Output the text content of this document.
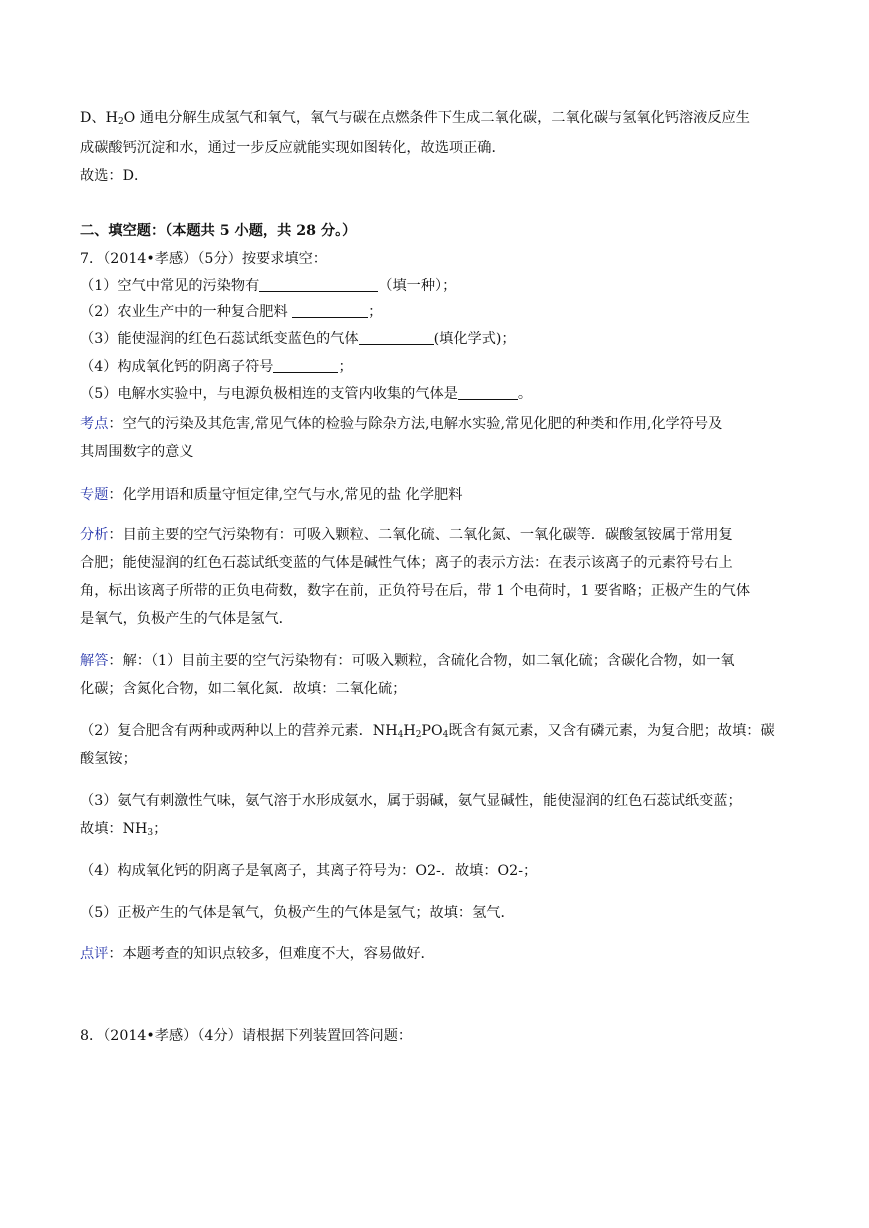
D、$H_2O$ 通电分解生成氢气和氧气，氧气与碳在点燃条件下生成二氧化碳，二氧化碳与氢氧化钙溶液反应生
成碳酸钙沉淀和水，通过一步反应就能实现如图转化，故选项正确．
故选：D．
二、填空题：（本题共 5 小题，共 28 分。）
7．（2014•孝感）（5分）按要求填空：
（1）空气中常见的污染物有	（填一种）；
（2）农业生产中的一种复合肥料	；
（3）能使湿润的红色石蕊试纸变蓝色的气体	(填化学式)；
（4）构成氧化钙的阴离子符号	；
（5）电解水实验中，与电源负极相连的支管内收集的气体是	。
考点：空气的污染及其危害,常见气体的检验与除杂方法,电解水实验,常见化肥的种类和作用,化学符号及
其周围数字的意义
专题：化学用语和质量守恒定律,空气与水,常见的盐 化学肥料
分析：目前主要的空气污染物有：可吸入颗粒、二氧化硫、二氧化氮、一氧化碳等．碳酸氢铵属于常用复
合肥；能使湿润的红色石蕊试纸变蓝的气体是碱性气体；离子的表示方法：在表示该离子的元素符号右上
角，标出该离子所带的正负电荷数，数字在前，正负符号在后，带 1 个电荷时，1 要省略；正极产生的气体
是氧气，负极产生的气体是氢气．
解答：解：（1）目前主要的空气污染物有：可吸入颗粒，含硫化合物，如二氧化硫；含碳化合物，如一氧
化碳；含氮化合物，如二氧化氮．故填：二氧化硫；
（2）复合肥含有两种或两种以上的营养元素．$NH_4H_2PO_4$既含有氮元素，又含有磷元素，为复合肥；故填：碳
酸氢铵；
（3）氨气有刺激性气味，氨气溶于水形成氨水，属于弱碱，氨气显碱性，能使湿润的红色石蕊试纸变蓝；
故填：$NH_3$；
（4）构成氧化钙的阴离子是氧离子，其离子符号为：O2-．故填：O2-；
（5）正极产生的气体是氧气，负极产生的气体是氢气；故填：氢气．
点评：本题考查的知识点较多，但难度不大，容易做好．
8．（2014•孝感）（4分）请根据下列装置回答问题：
